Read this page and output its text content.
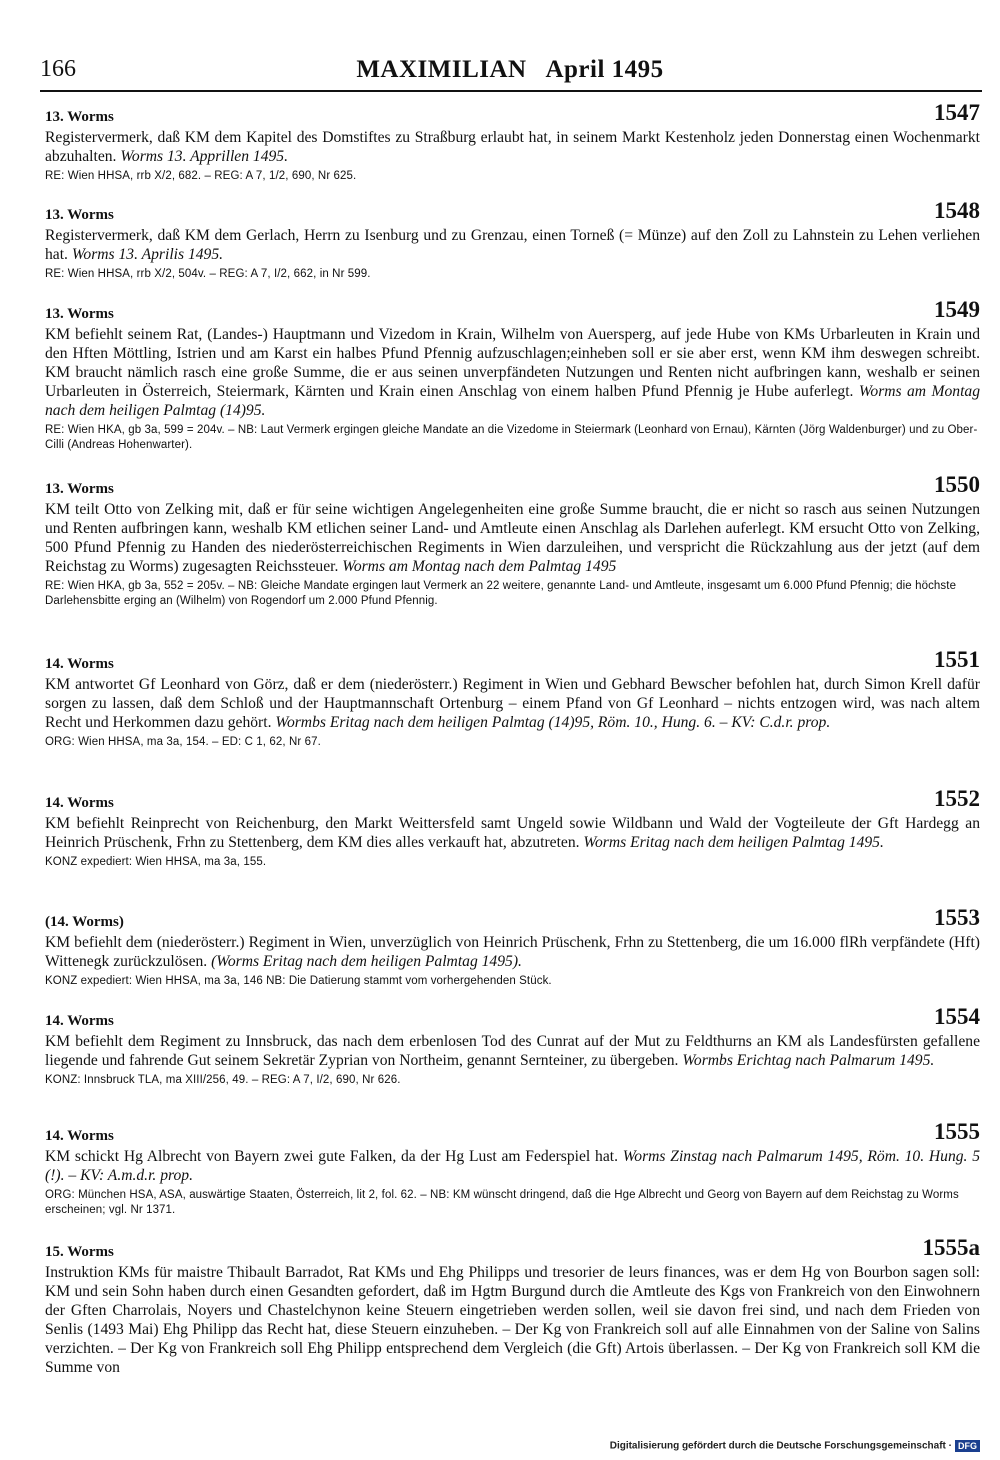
166	MAXIMILIAN   April 1495
13. Worms	1547

Registervermerk, daß KM dem Kapitel des Domstiftes zu Straßburg erlaubt hat, in seinem Markt Kestenholz jeden Donnerstag einen Wochenmarkt abzuhalten. Worms 13. Apprillen 1495.

RE: Wien HHSA, rrb X/2, 682. – REG: A 7, 1/2, 690, Nr 625.
13. Worms	1548

Registervermerk, daß KM dem Gerlach, Herrn zu Isenburg und zu Grenzau, einen Torneß (= Münze) auf den Zoll zu Lahnstein zu Lehen verliehen hat. Worms 13. Aprilis 1495.

RE: Wien HHSA, rrb X/2, 504v. – REG: A 7, I/2, 662, in Nr 599.
13. Worms	1549

KM befiehlt seinem Rat, (Landes-) Hauptmann und Vizedom in Krain, Wilhelm von Auersperg, auf jede Hube von KMs Urbarleuten in Krain und den Hften Möttling, Istrien und am Karst ein halbes Pfund Pfennig aufzuschlagen;einheben soll er sie aber erst, wenn KM ihm deswegen schreibt. KM braucht nämlich rasch eine große Summe, die er aus seinen unverpfändeten Nutzungen und Renten nicht aufbringen kann, weshalb er seinen Urbarleuten in Österreich, Steiermark, Kärnten und Krain einen Anschlag von einem halben Pfund Pfennig je Hube auferlegt. Worms am Montag nach dem heiligen Palmtag (14)95.

RE: Wien HKA, gb 3a, 599 = 204v. – NB: Laut Vermerk ergingen gleiche Mandate an die Vizedome in Steiermark (Leonhard von Ernau), Kärnten (Jörg Waldenburger) und zu Ober-Cilli (Andreas Hohenwarter).
13. Worms	1550

KM teilt Otto von Zelking mit, daß er für seine wichtigen Angelegenheiten eine große Summe braucht, die er nicht so rasch aus seinen Nutzungen und Renten aufbringen kann, weshalb KM etlichen seiner Land- und Amtleute einen Anschlag als Darlehen auferlegt. KM ersucht Otto von Zelking, 500 Pfund Pfennig zu Handen des niederösterreichischen Regiments in Wien darzuleihen, und verspricht die Rückzahlung aus der jetzt (auf dem Reichstag zu Worms) zugesagten Reichssteuer. Worms am Montag nach dem Palmtag 1495

RE: Wien HKA, gb 3a, 552 = 205v. – NB: Gleiche Mandate ergingen laut Vermerk an 22 weitere, genannte Land- und Amtleute, insgesamt um 6.000 Pfund Pfennig; die höchste Darlehensbitte erging an (Wilhelm) von Rogendorf um 2.000 Pfund Pfennig.
14. Worms	1551

KM antwortet Gf Leonhard von Görz, daß er dem (niederösterr.) Regiment in Wien und Gebhard Bewscher befohlen hat, durch Simon Krell dafür sorgen zu lassen, daß dem Schloß und der Hauptmannschaft Ortenburg – einem Pfand von Gf Leonhard – nichts entzogen wird, was nach altem Recht und Herkommen dazu gehört. Wormbs Eritag nach dem heiligen Palmtag (14)95, Röm. 10., Hung. 6. – KV: C.d.r. prop.

ORG: Wien HHSA, ma 3a, 154. – ED: C 1, 62, Nr 67.
14. Worms	1552

KM befiehlt Reinprecht von Reichenburg, den Markt Weittersfeld samt Ungeld sowie Wildbann und Wald der Vogteileute der Gft Hardegg an Heinrich Prüschenk, Frhn zu Stettenberg, dem KM dies alles verkauft hat, abzutreten. Worms Eritag nach dem heiligen Palmtag 1495.

KONZ expediert: Wien HHSA, ma 3a, 155.
(14. Worms)	1553

KM befiehlt dem (niederösterr.) Regiment in Wien, unverzüglich von Heinrich Prüschenk, Frhn zu Stettenberg, die um 16.000 flRh verpfändete (Hft) Wittenegk zurückzulösen. (Worms Eritag nach dem heiligen Palmtag 1495).

KONZ expediert: Wien HHSA, ma 3a, 146 NB: Die Datierung stammt vom vorhergehenden Stück.
14. Worms	1554

KM befiehlt dem Regiment zu Innsbruck, das nach dem erbenlosen Tod des Cunrat auf der Mut zu Feldthurns an KM als Landesfürsten gefallene liegende und fahrende Gut seinem Sekretär Zyprian von Northeim, genannt Sernteiner, zu übergeben. Wormbs Erichtag nach Palmarum 1495.

KONZ: Innsbruck TLA, ma XIII/256, 49. – REG: A 7, I/2, 690, Nr 626.
14. Worms	1555

KM schickt Hg Albrecht von Bayern zwei gute Falken, da der Hg Lust am Federspiel hat. Worms Zinstag nach Palmarum 1495, Röm. 10. Hung. 5 (!). – KV: A.m.d.r. prop.

ORG: München HSA, ASA, auswärtige Staaten, Österreich, lit 2, fol. 62. – NB: KM wünscht dringend, daß die Hge Albrecht und Georg von Bayern auf dem Reichstag zu Worms erscheinen; vgl. Nr 1371.
15. Worms	1555a

Instruktion KMs für maistre Thibault Barradot, Rat KMs und Ehg Philipps und tresorier de leurs finances, was er dem Hg von Bourbon sagen soll: KM und sein Sohn haben durch einen Gesandten gefordert, daß im Hgtm Burgund durch die Amtleute des Kgs von Frankreich von den Einwohnern der Gften Charrolais, Noyers und Chastelchynon keine Steuern eingetrieben werden sollen, weil sie davon frei sind, und nach dem Frieden von Senlis (1493 Mai) Ehg Philipp das Recht hat, diese Steuern einzuheben. – Der Kg von Frankreich soll auf alle Einnahmen von der Saline von Salins verzichten. – Der Kg von Frankreich soll Ehg Philipp entsprechend dem Vergleich (die Gft) Artois überlassen. – Der Kg von Frankreich soll KM die Summe von

Digitalisierung gefördert durch die Deutsche Forschungsgemeinschaft · DFG
